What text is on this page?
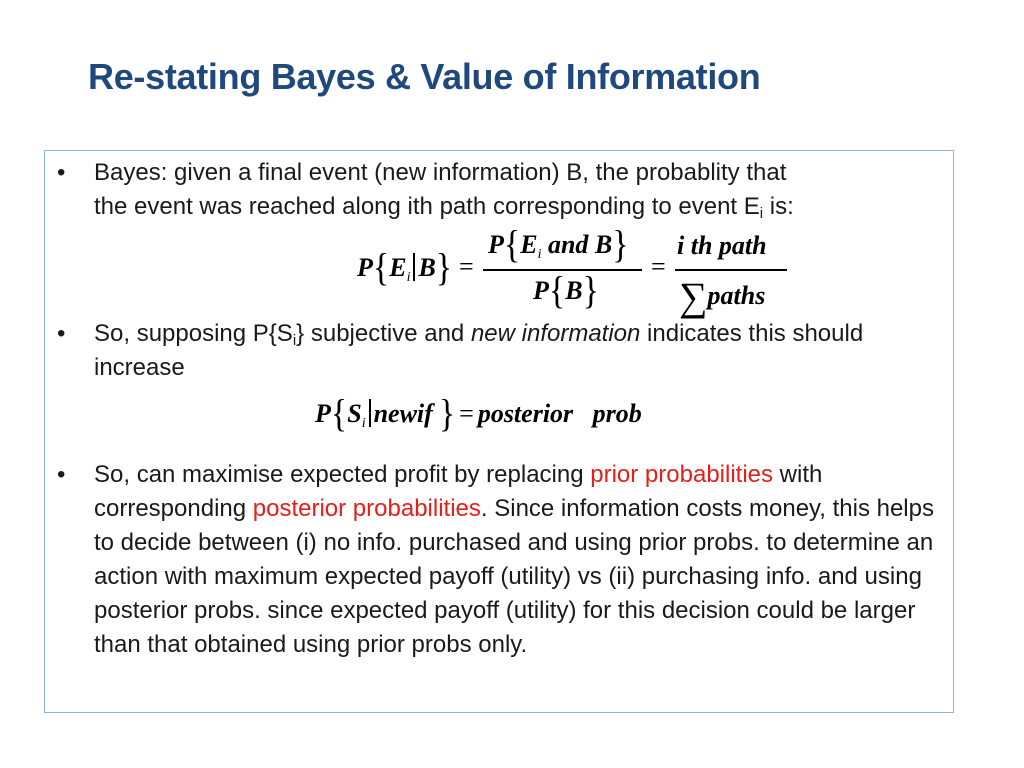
Re-stating Bayes & Value of Information
•	Bayes: given a final event (new information) B, the probablity that
the event was reached along ith path corresponding to event $E_i$ is:
P{Ei B} =
P{Ei and B}
P{B}
=
i th path
∑paths
•	So, supposing $P\{S_i\}$ subjective and new information indicates this should increase
P{Si newif } = posterior   prob
•	So, can maximise expected profit by replacing prior probabilities with corresponding posterior probabilities. Since information costs money, this helps to decide between (i) no info. purchased and using prior probs. to determine an action with maximum expected payoff (utility) vs (ii) purchasing info. and using posterior probs. since expected payoff (utility) for this decision could be larger than that obtained using prior probs only.
